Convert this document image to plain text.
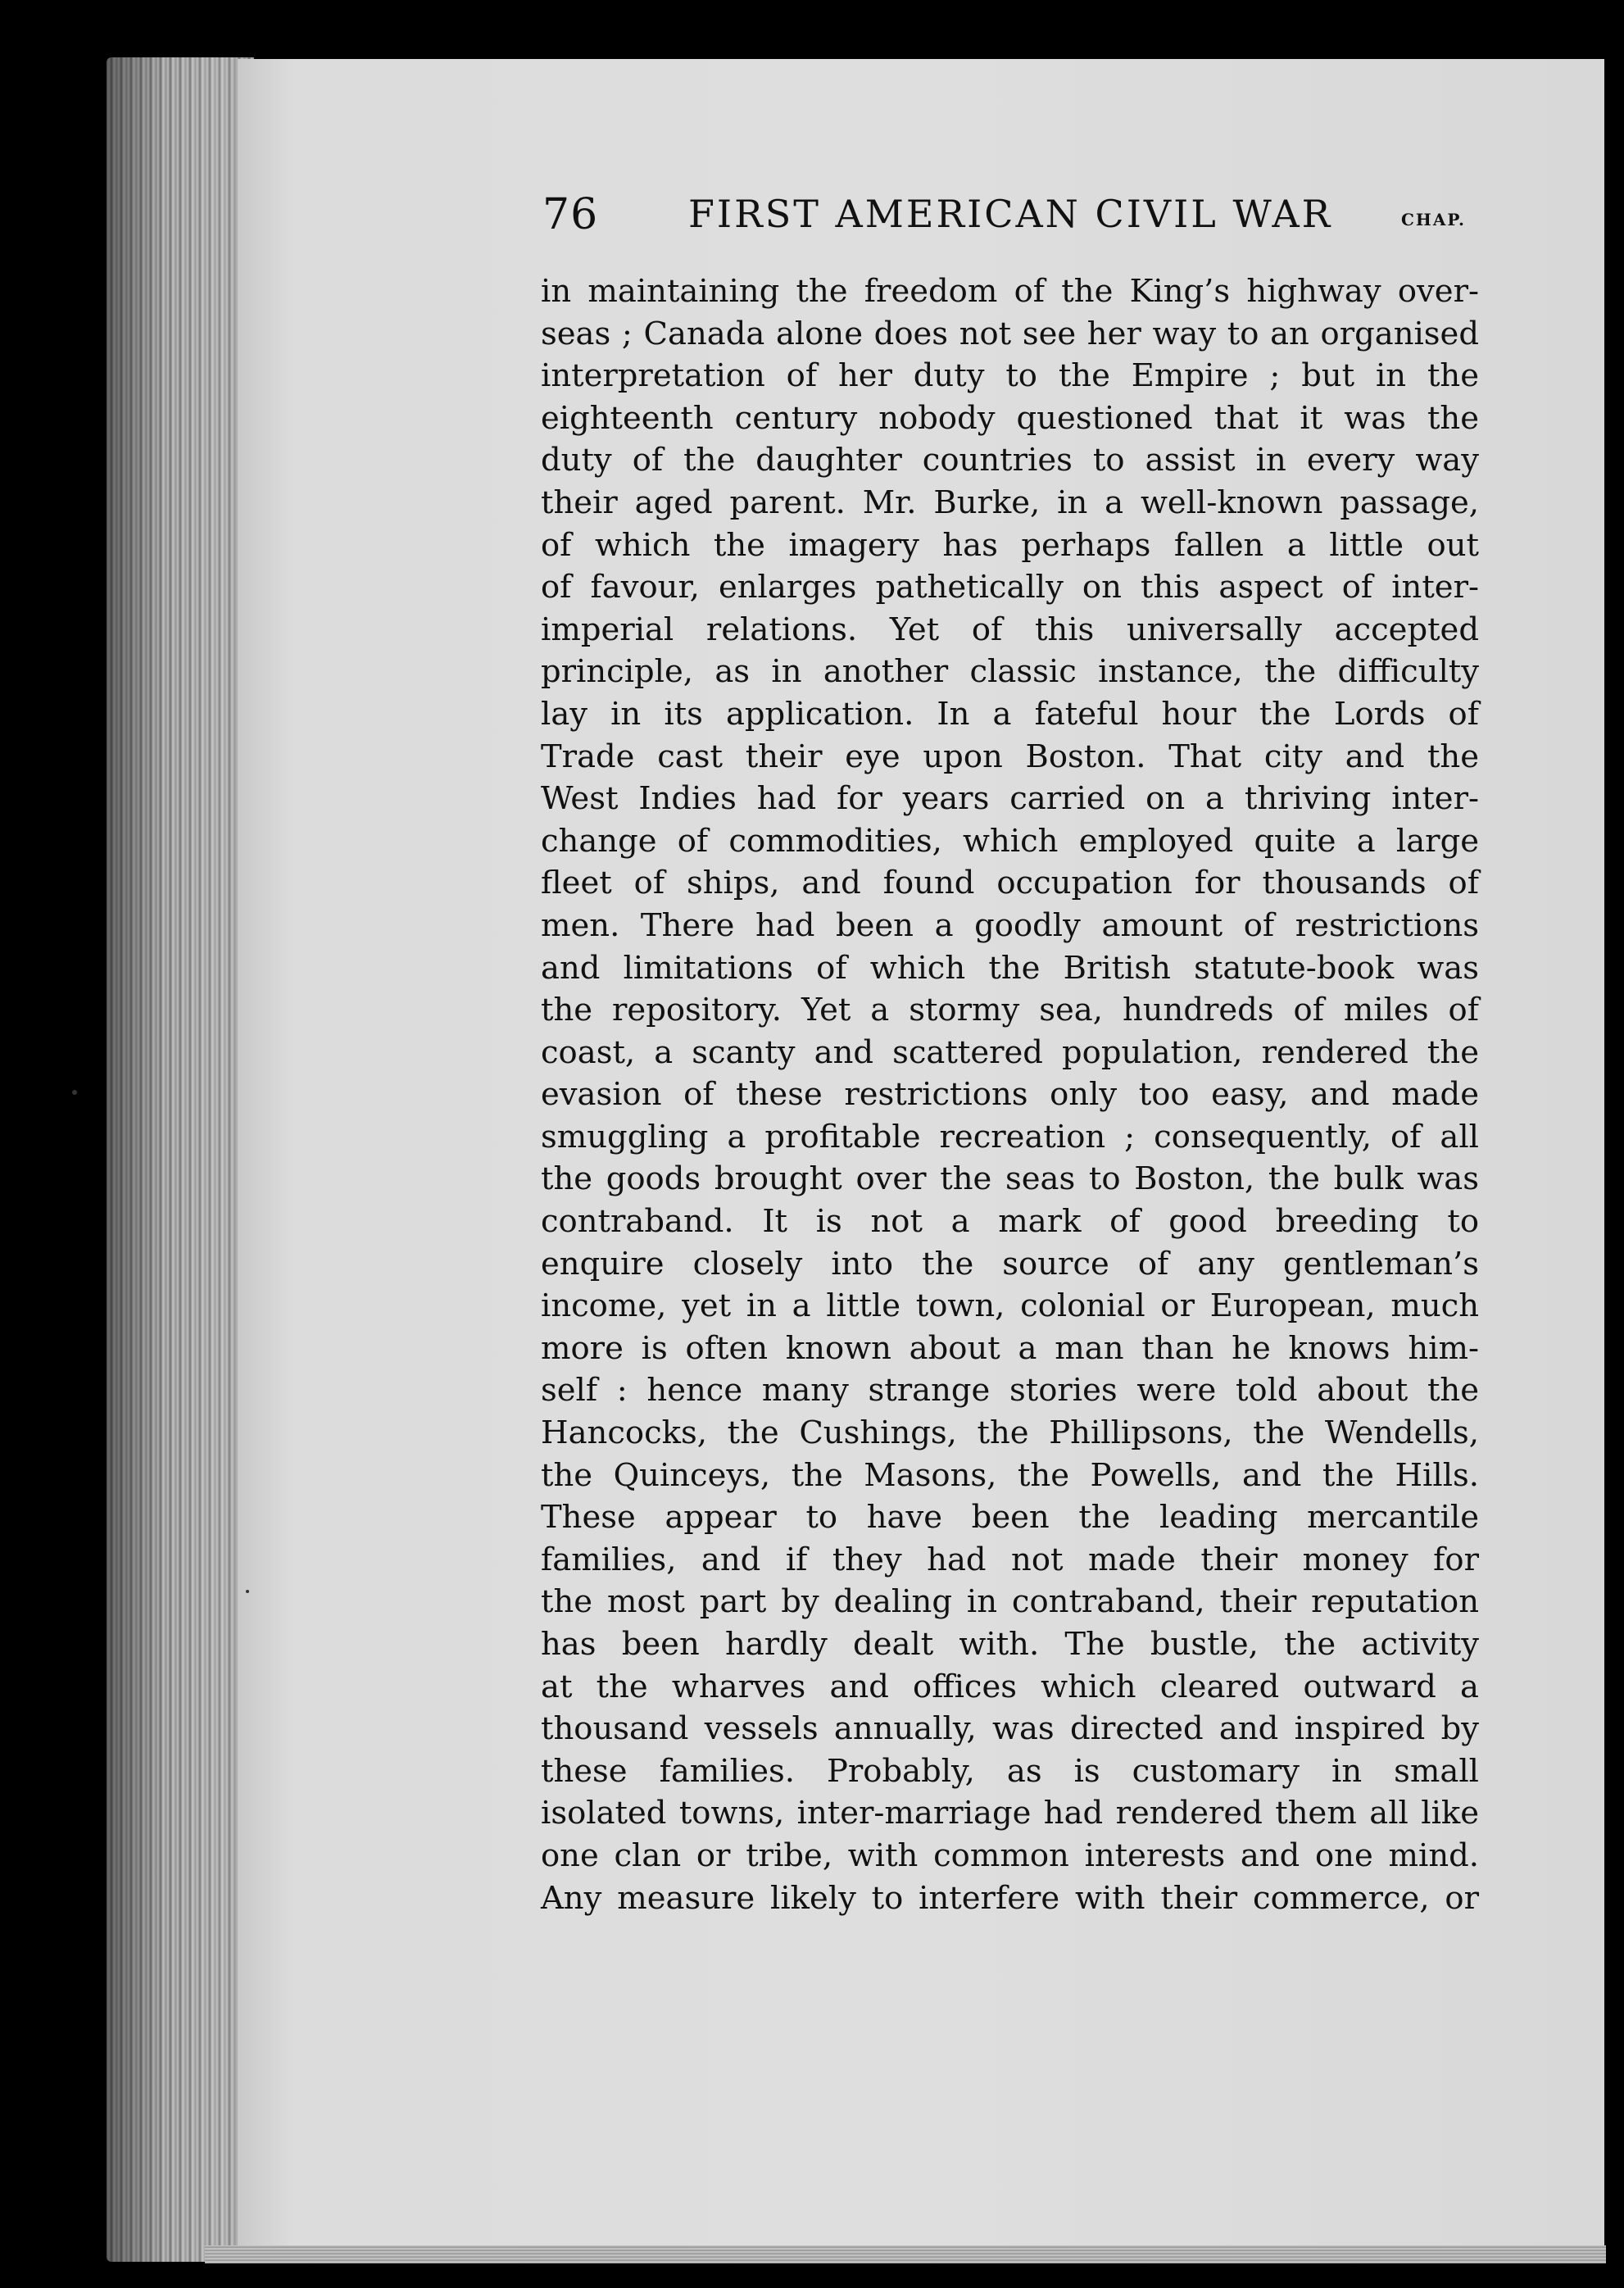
76 FIRST AMERICAN CIVIL WAR	CHAP.
in maintaining the freedom of the King’s highway over-
seas ; Canada alone does not see her way to an organised
interpretation of her duty to the Empire ; but in the
eighteenth century nobody questioned that it was the
duty of the daughter countries to assist in every way
their aged parent. Mr. Burke, in a well-known passage,
of which the imagery has perhaps fallen a little out
of favour, enlarges pathetically on this aspect of inter-
imperial relations. Yet of this universally accepted
principle, as in another classic instance, the difficulty
lay in its application. In a fateful hour the Lords of
Trade cast their eye upon Boston. That city and the
West Indies had for years carried on a thriving inter-
change of commodities, which employed quite a large
fleet of ships, and found occupation for thousands of
men. There had been a goodly amount of restrictions
and limitations of which the British statute-book was
the repository. Yet a stormy sea, hundreds of miles of
coast, a scanty and scattered population, rendered the
evasion of these restrictions only too easy, and made
smuggling a profitable recreation ; consequently, of all
the goods brought over the seas to Boston, the bulk was
contraband. It is not a mark of good breeding to
enquire closely into the source of any gentleman’s
income, yet in a little town, colonial or European, much
more is often known about a man than he knows him-
self : hence many strange stories were told about the
Hancocks, the Cushings, the Phillipsons, the Wendells,
the Quinceys, the Masons, the Powells, and the Hills.
These appear to have been the leading mercantile
families, and if they had not made their money for
the most part by dealing in contraband, their reputation
has been hardly dealt with. The bustle, the activity
at the wharves and offices which cleared outward a
thousand vessels annually, was directed and inspired by
these families. Probably, as is customary in small
isolated towns, inter-marriage had rendered them all like
one clan or tribe, with common interests and one mind.
Any measure likely to interfere with their commerce, or
